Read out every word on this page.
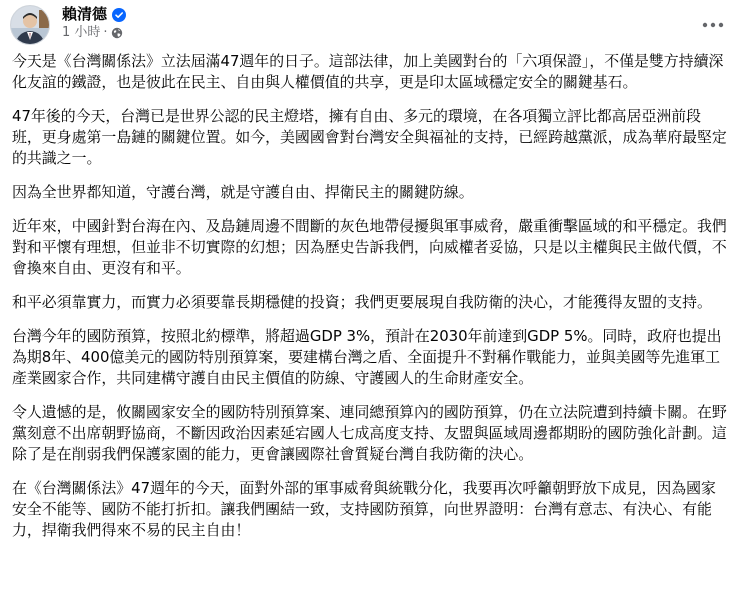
賴清德
1 小時 ·

今天是《台灣關係法》立法屆滿47週年的日子。這部法律，加上美國對台的「六項保證」，不僅是雙方持續深化友誼的鐵證，也是彼此在民主、自由與人權價值的共享，更是印太區域穩定安全的關鍵基石。

47年後的今天，台灣已是世界公認的民主燈塔，擁有自由、多元的環境，在各項獨立評比都高居亞洲前段班，更身處第一島鏈的關鍵位置。如今，美國國會對台灣安全與福祉的支持，已經跨越黨派，成為華府最堅定的共識之一。

因為全世界都知道，守護台灣，就是守護自由、捍衛民主的關鍵防線。

近年來，中國針對台海在內、及島鏈周邊不間斷的灰色地帶侵擾與軍事威脅，嚴重衝擊區域的和平穩定。我們對和平懷有理想，但並非不切實際的幻想；因為歷史告訴我們，向威權者妥協，只是以主權與民主做代價，不會換來自由、更沒有和平。

和平必須靠實力，而實力必須要靠長期穩健的投資；我們更要展現自我防衛的決心，才能獲得友盟的支持。

台灣今年的國防預算，按照北約標準，將超過GDP 3%，預計在2030年前達到GDP 5%。同時，政府也提出為期8年、400億美元的國防特別預算案，要建構台灣之盾、全面提升不對稱作戰能力，並與美國等先進軍工產業國家合作，共同建構守護自由民主價值的防線、守護國人的生命財產安全。

令人遺憾的是，攸關國家安全的國防特別預算案、連同總預算內的國防預算，仍在立法院遭到持續卡關。在野黨刻意不出席朝野協商，不斷因政治因素延宕國人七成高度支持、友盟與區域周邊都期盼的國防強化計劃。這除了是在削弱我們保護家園的能力，更會讓國際社會質疑台灣自我防衛的決心。

在《台灣關係法》47週年的今天，面對外部的軍事威脅與統戰分化，我要再次呼籲朝野放下成見，因為國家安全不能等、國防不能打折扣。讓我們團結一致，支持國防預算，向世界證明：台灣有意志、有決心、有能力，捍衛我們得來不易的民主自由！
